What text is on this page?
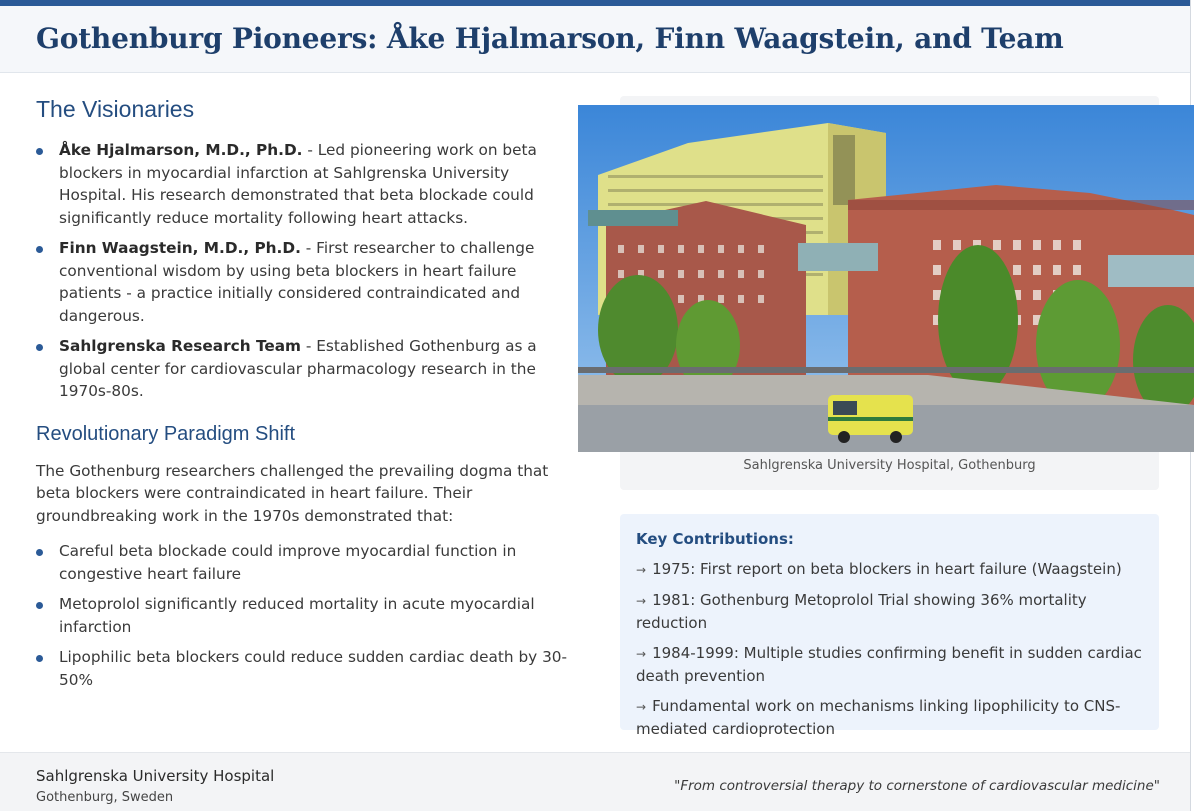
Gothenburg Pioneers: Åke Hjalmarson, Finn Waagstein, and Team
The Visionaries
Åke Hjalmarson, M.D., Ph.D. - Led pioneering work on beta blockers in myocardial infarction at Sahlgrenska University Hospital. His research demonstrated that beta blockade could significantly reduce mortality following heart attacks.
Finn Waagstein, M.D., Ph.D. - First researcher to challenge conventional wisdom by using beta blockers in heart failure patients - a practice initially considered contraindicated and dangerous.
Sahlgrenska Research Team - Established Gothenburg as a global center for cardiovascular pharmacology research in the 1970s-80s.
Revolutionary Paradigm Shift

The Gothenburg researchers challenged the prevailing dogma that beta blockers were contraindicated in heart failure. Their groundbreaking work in the 1970s demonstrated that:

Careful beta blockade could improve myocardial function in congestive heart failure
Metoprolol significantly reduced mortality in acute myocardial infarction
Lipophilic beta blockers could reduce sudden cardiac death by 30-50%
Sahlgrenska University Hospital, Gothenburg
Key Contributions:
→ 1975: First report on beta blockers in heart failure (Waagstein)
→ 1981: Gothenburg Metoprolol Trial showing 36% mortality reduction
→ 1984-1999: Multiple studies confirming benefit in sudden cardiac death prevention
→ Fundamental work on mechanisms linking lipophilicity to CNS-mediated cardioprotection
Sahlgrenska University Hospital
Gothenburg, Sweden
"From controversial therapy to cornerstone of cardiovascular medicine"
